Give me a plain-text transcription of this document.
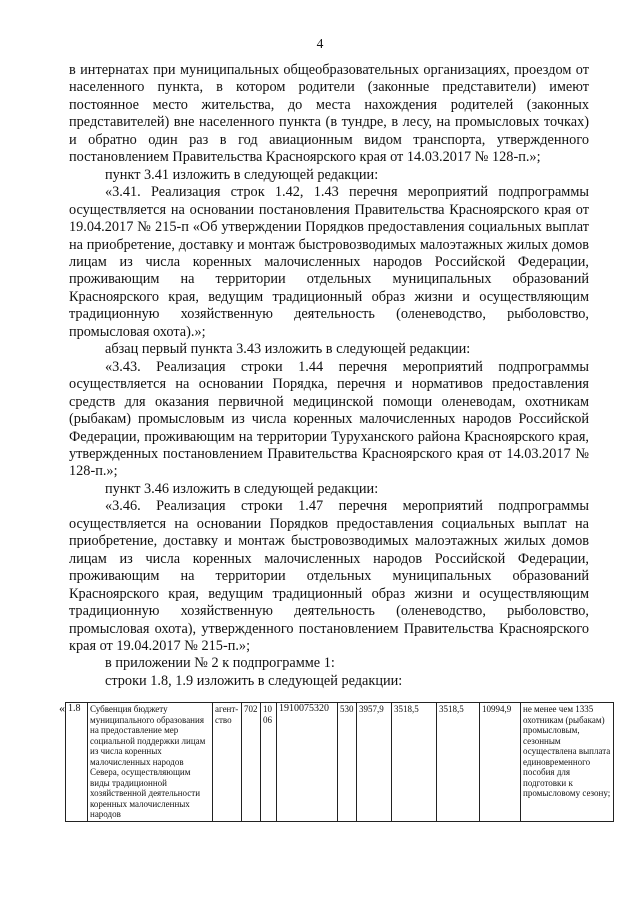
4

в интернатах при муниципальных общеобразовательных организациях, проездом от населенного пункта, в котором родители (законные представители) имеют постоянное место жительства, до места нахождения родителей (законных представителей) вне населенного пункта (в тундре, в лесу, на промысловых точках) и обратно один раз в год авиационным видом транспорта, утвержденного постановлением Правительства Красноярского края от 14.03.2017 № 128-п.»;

пункт 3.41 изложить в следующей редакции:

«3.41. Реализация строк 1.42, 1.43 перечня мероприятий подпрограммы осуществляется на основании постановления Правительства Красноярского края от 19.04.2017 № 215-п «Об утверждении Порядков предоставления социальных выплат на приобретение, доставку и монтаж быстровозводимых малоэтажных жилых домов лицам из числа коренных малочисленных народов Российской Федерации, проживающим на территории отдельных муниципальных образований Красноярского края, ведущим традиционный образ жизни и осуществляющим традиционную хозяйственную деятельность (оленеводство, рыболовство, промысловая охота).»;

абзац первый пункта 3.43 изложить в следующей редакции:

«3.43. Реализация строки 1.44 перечня мероприятий подпрограммы осуществляется на основании Порядка, перечня и нормативов предоставления средств для оказания первичной медицинской помощи оленеводам, охотникам (рыбакам) промысловым из числа коренных малочисленных народов Российской Федерации, проживающим на территории Туруханского района Красноярского края, утвержденных постановлением Правительства Красноярского края от 14.03.2017 № 128-п.»;

пункт 3.46 изложить в следующей редакции:

«3.46. Реализация строки 1.47 перечня мероприятий подпрограммы осуществляется на основании Порядков предоставления социальных выплат на приобретение, доставку и монтаж быстровозводимых малоэтажных жилых домов лицам из числа коренных малочисленных народов Российской Федерации, проживающим на территории отдельных муниципальных образований Красноярского края, ведущим традиционный образ жизни и осуществляющим традиционную хозяйственную деятельность (оленеводство, рыболовство, промысловая охота), утвержденного постановлением Правительства Красноярского края от 19.04.2017 № 215-п.»;

в приложении № 2 к подпрограмме 1:

строки 1.8, 1.9 изложить в следующей редакции:

« 1.8	Субвенция бюджету муниципального образования на предоставление мер социальной поддержки лицам из числа коренных малочисленных народов Севера, осуществляющим виды традиционной хозяйственной деятельности коренных малочисленных народов	агент-ство	702	10 06	1910075320	530	3957,9	3518,5	3518,5	10994,9	не менее чем 1335 охотникам (рыбакам) промысловым, сезонным осуществлена выплата единовременного пособия для подготовки к промысловому сезону;
